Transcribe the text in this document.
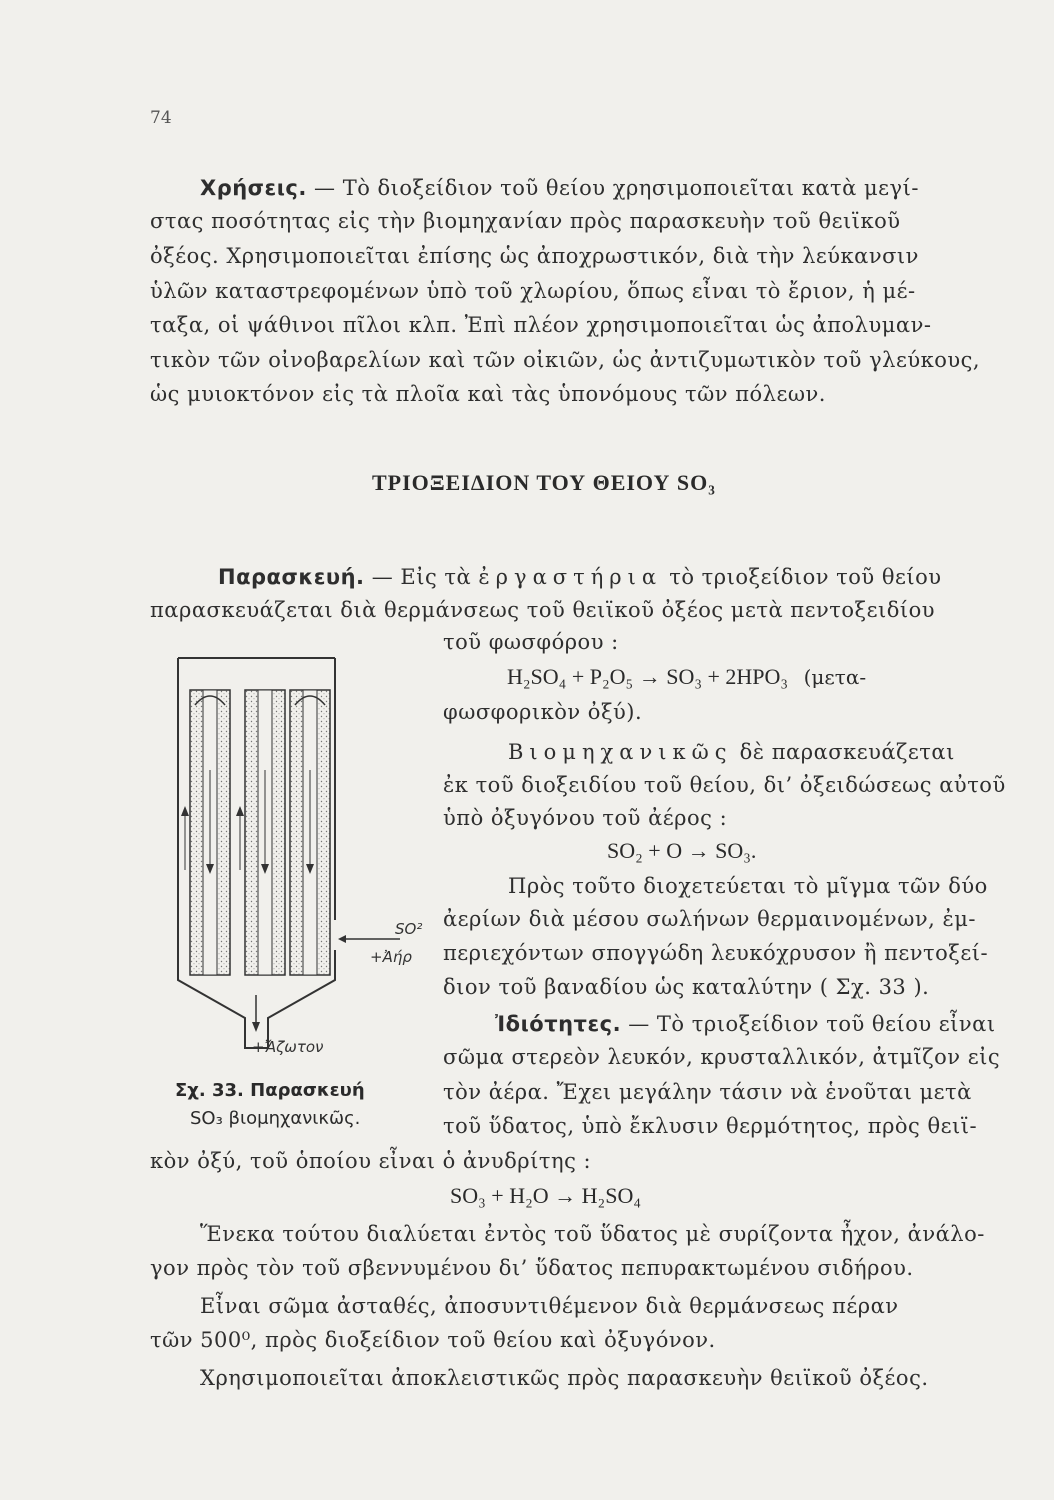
74
Χρήσεις. — Τὸ διοξείδιον τοῦ θείου χρησιμοποιεῖται κατὰ μεγί-
στας ποσότητας εἰς τὴν βιομηχανίαν πρὸς παρασκευὴν τοῦ θειϊκοῦ
ὀξέος. Χρησιμοποιεῖται ἐπίσης ὡς ἀποχρωστικόν, διὰ τὴν λεύκανσιν
ὑλῶν καταστρεφομένων ὑπὸ τοῦ χλωρίου, ὅπως εἶναι τὸ ἔριον, ἡ μέ-
ταξα, οἱ ψάθινοι πῖλοι κλπ. Ἐπὶ πλέον χρησιμοποιεῖται ὡς ἀπολυμαν-
τικὸν τῶν οἰνοβαρελίων καὶ τῶν οἰκιῶν, ὡς ἀντιζυμωτικὸν τοῦ γλεύκους,
ὡς μυιοκτόνον εἰς τὰ πλοῖα καὶ τὰς ὑπονόμους τῶν πόλεων.
ΤΡΙΟΞΕΙΔΙΟΝ ΤΟΥ ΘΕΙΟΥ SO₃
Παρασκευή. — Εἰς τὰ ἐργαστήρια τὸ τριοξείδιον τοῦ θείου
παρασκευάζεται διὰ θερμάνσεως τοῦ θειϊκοῦ ὀξέος μετὰ πεντοξειδίου
τοῦ φωσφόρου :
H₂SO₄ + P₂O₅ → SO₃ + 2HPO₃ (μετα-
φωσφορικὸν ὀξύ).
Βιομηχανικῶς δὲ παρασκευάζεται
ἐκ τοῦ διοξειδίου τοῦ θείου, δι’ ὀξειδώσεως αὐτοῦ
ὑπὸ ὀξυγόνου τοῦ ἀέρος :
SO₂ + O → SO₃.
Πρὸς τοῦτο διοχετεύεται τὸ μῖγμα τῶν δύο
ἀερίων διὰ μέσου σωλήνων θερμαινομένων, ἐμ-
περιεχόντων σπογγώδη λευκόχρυσον ἢ πεντοξεί-
διον τοῦ βαναδίου ὡς καταλύτην ( Σχ. 33 ).
Ἰδιότητες. — Τὸ τριοξείδιον τοῦ θείου εἶναι
σῶμα στερεὸν λευκόν, κρυσταλλικόν, ἀτμῖζον εἰς
τὸν ἀέρα. Ἔχει μεγάλην τάσιν νὰ ἑνοῦται μετὰ
τοῦ ὕδατος, ὑπὸ ἔκλυσιν θερμότητος, πρὸς θειϊ-
κὸν ὀξύ, τοῦ ὁποίου εἶναι ὁ ἀνυδρίτης :
SO₃ + H₂O → H₂SO₄
Ἕνεκα τούτου διαλύεται ἐντὸς τοῦ ὕδατος μὲ συρίζοντα ἦχον, ἀνάλο-
γον πρὸς τὸν τοῦ σβεννυμένου δι’ ὕδατος πεπυρακτωμένου σιδήρου.
Εἶναι σῶμα ἀσταθές, ἀποσυντιθέμενον διὰ θερμάνσεως πέραν
τῶν 500⁰, πρὸς διοξείδιον τοῦ θείου καὶ ὀξυγόνον.
Χρησιμοποιεῖται ἀποκλειστικῶς πρὸς παρασκευὴν θειϊκοῦ ὀξέος.
SO²
+Ἀήρ
+Ἄζωτον
Σχ. 33. Παρασκευή
SO₃ βιομηχανικῶς.
